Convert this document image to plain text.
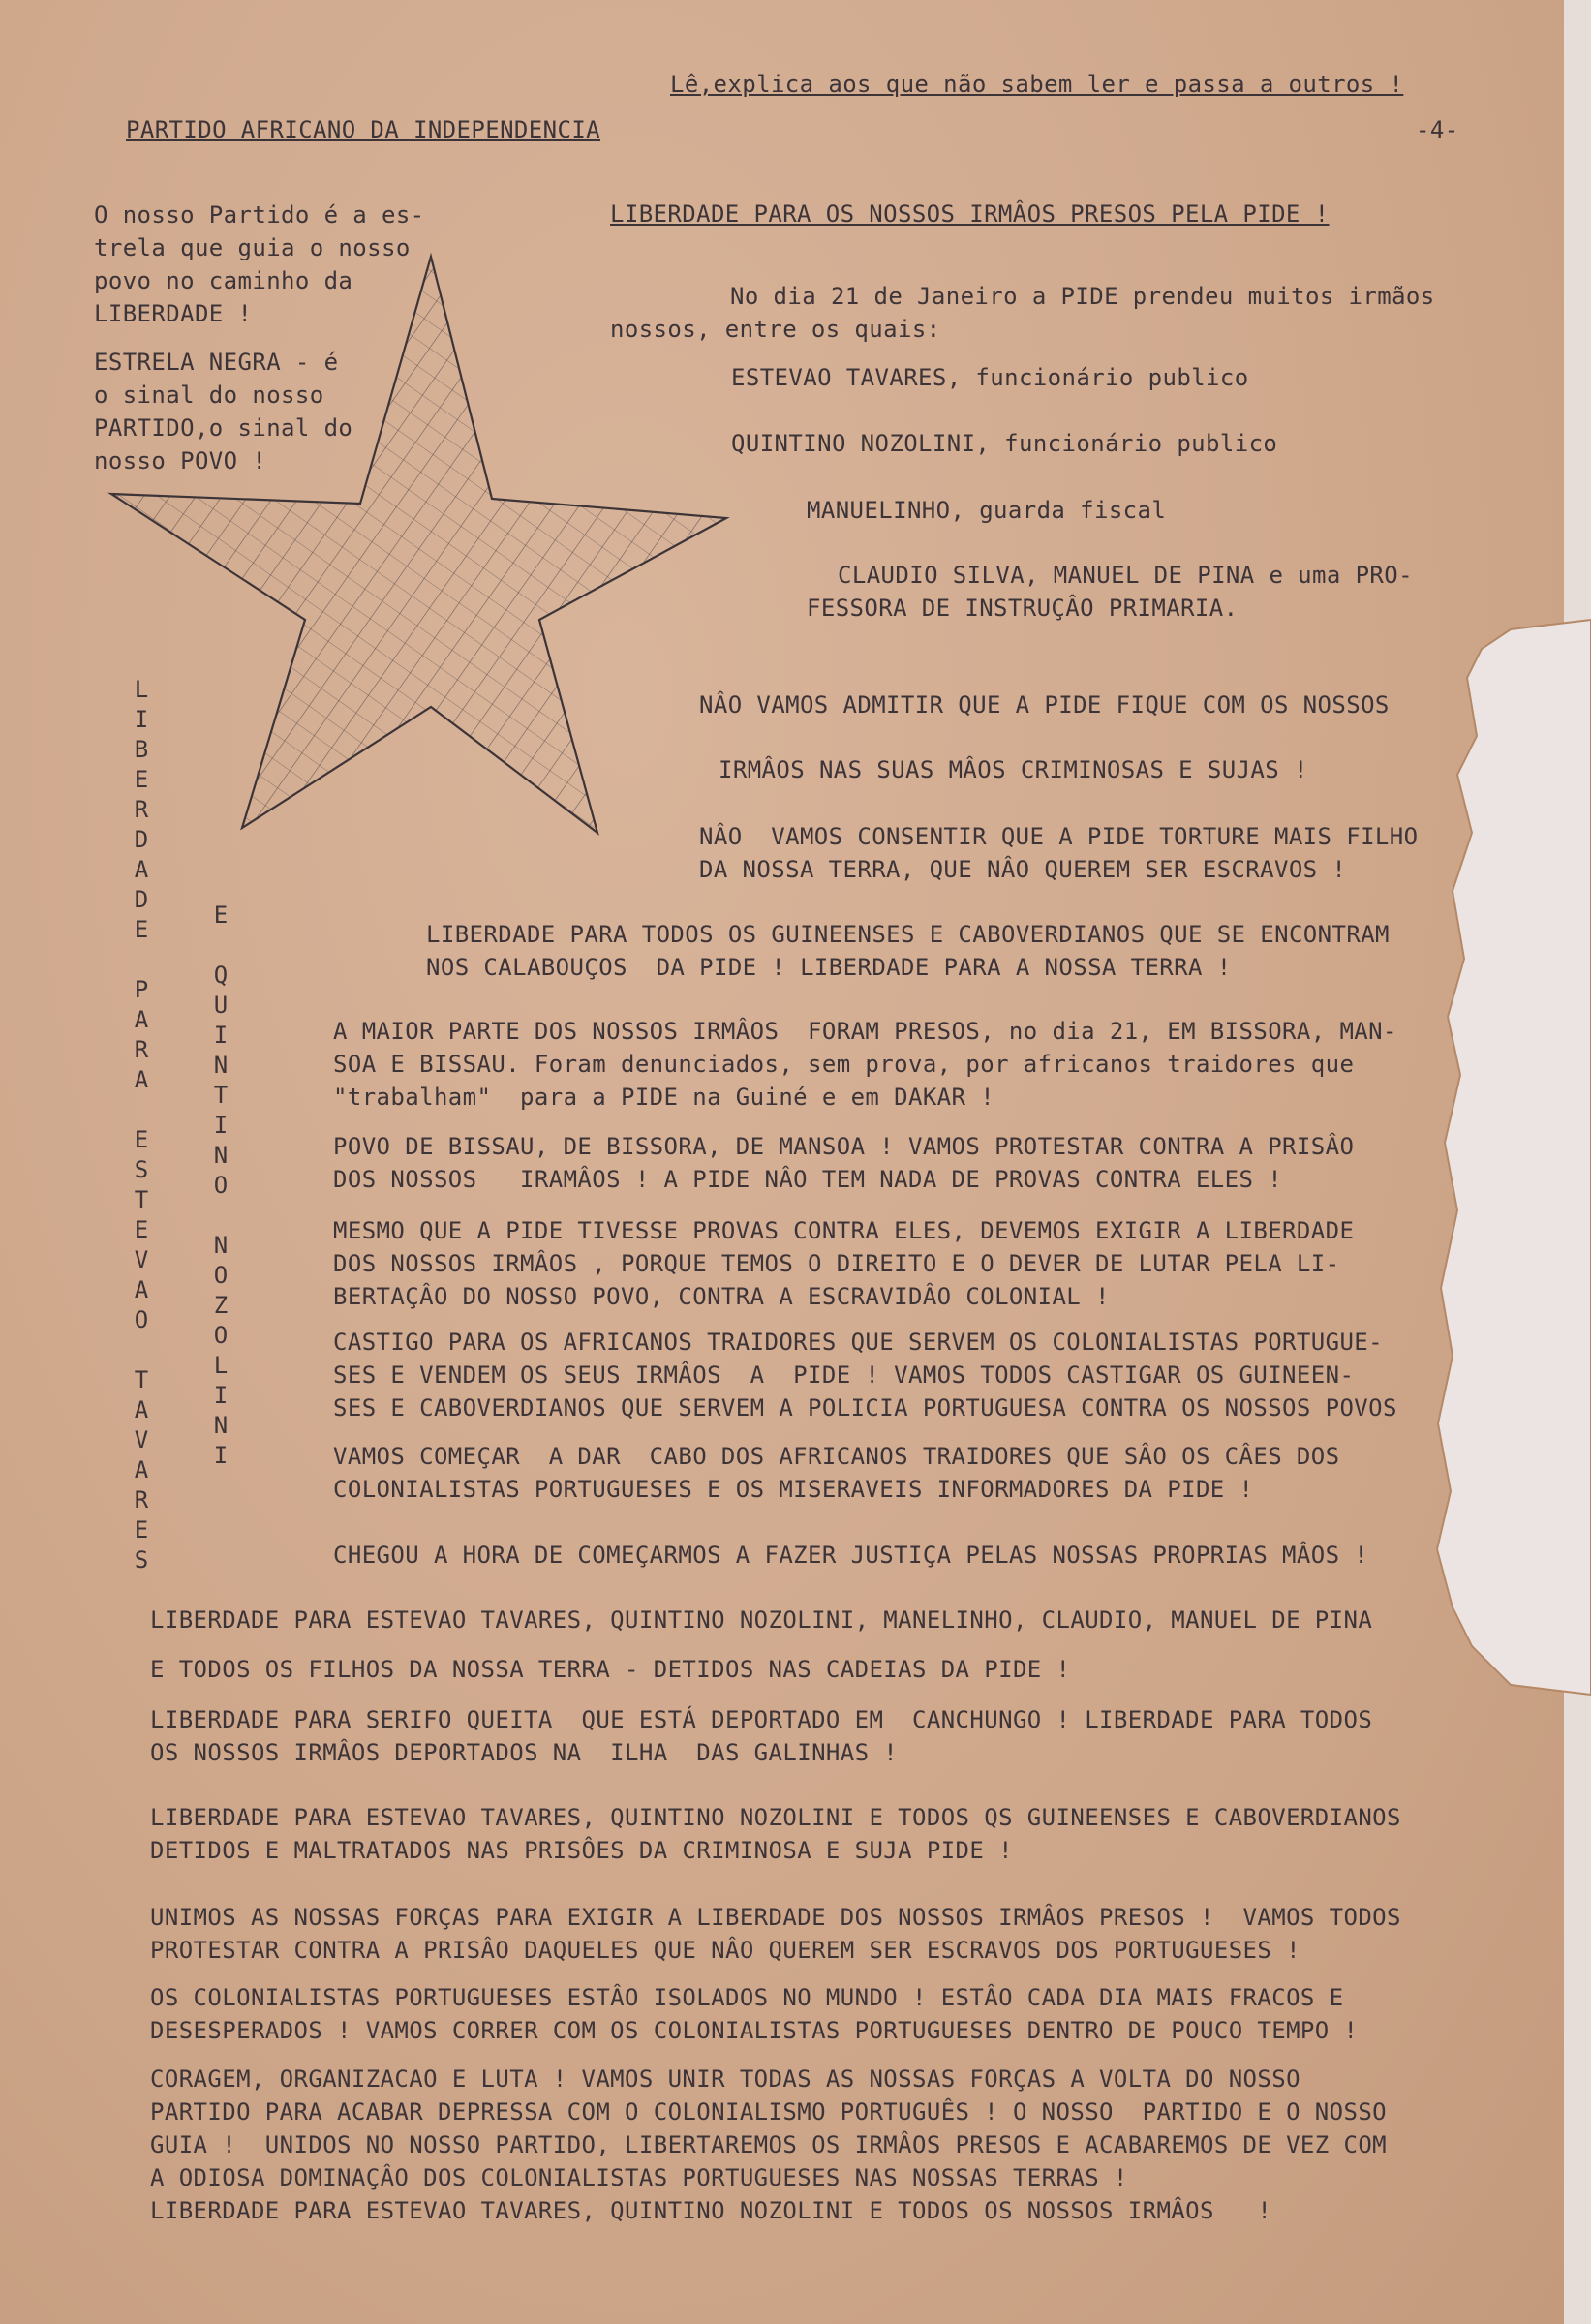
Lê,explica aos que não sabem ler e passa a outros !
PARTIDO AFRICANO DA INDEPENDENCIA	-4-
O nosso Partido é a es-
trela que guia o nosso
povo no caminho da
LIBERDADE !
ESTRELA NEGRA - é
o sinal do nosso
PARTIDO,o sinal do
nosso POVO !
L
I
B
E
R
D
A
D
E

P
A
R
A

E
S
T
E
V
A
O

T
A
V
A
R
E
S
E

Q
U
I
N
T
I
N
O

N
O
Z
O
L
I
N
I
LIBERDADE PARA OS NOSSOS IRMÂOS PRESOS PELA PIDE !
No dia 21 de Janeiro a PIDE prendeu muitos irmãos
nossos, entre os quais:
ESTEVAO TAVARES, funcionário publico
QUINTINO NOZOLINI, funcionário publico
MANUELINHO, guarda fiscal
CLAUDIO SILVA, MANUEL DE PINA e uma PRO-
FESSORA DE INSTRUÇÂO PRIMARIA.
NÂO VAMOS ADMITIR QUE A PIDE FIQUE COM OS NOSSOS
IRMÂOS NAS SUAS MÂOS CRIMINOSAS E SUJAS !
NÂO  VAMOS CONSENTIR QUE A PIDE TORTURE MAIS FILHO
DA NOSSA TERRA, QUE NÂO QUEREM SER ESCRAVOS !
LIBERDADE PARA TODOS OS GUINEENSES E CABOVERDIANOS QUE SE ENCONTRAM
NOS CALABOUÇOS  DA PIDE ! LIBERDADE PARA A NOSSA TERRA !
A MAIOR PARTE DOS NOSSOS IRMÂOS  FORAM PRESOS, no dia 21, EM BISSORA, MAN-
SOA E BISSAU. Foram denunciados, sem prova, por africanos traidores que
"trabalham"  para a PIDE na Guiné e em DAKAR !
POVO DE BISSAU, DE BISSORA, DE MANSOA ! VAMOS PROTESTAR CONTRA A PRISÂO
DOS NOSSOS   IRAMÂOS ! A PIDE NÂO TEM NADA DE PROVAS CONTRA ELES !
MESMO QUE A PIDE TIVESSE PROVAS CONTRA ELES, DEVEMOS EXIGIR A LIBERDADE
DOS NOSSOS IRMÂOS , PORQUE TEMOS O DIREITO E O DEVER DE LUTAR PELA LI-
BERTAÇÂO DO NOSSO POVO, CONTRA A ESCRAVIDÂO COLONIAL !
CASTIGO PARA OS AFRICANOS TRAIDORES QUE SERVEM OS COLONIALISTAS PORTUGUE-
SES E VENDEM OS SEUS IRMÂOS  A  PIDE ! VAMOS TODOS CASTIGAR OS GUINEEN-
SES E CABOVERDIANOS QUE SERVEM A POLICIA PORTUGUESA CONTRA OS NOSSOS POVOS
VAMOS COMEÇAR  A DAR  CABO DOS AFRICANOS TRAIDORES QUE SÂO OS CÂES DOS
COLONIALISTAS PORTUGUESES E OS MISERAVEIS INFORMADORES DA PIDE !
CHEGOU A HORA DE COMEÇARMOS A FAZER JUSTIÇA PELAS NOSSAS PROPRIAS MÂOS !
LIBERDADE PARA ESTEVAO TAVARES, QUINTINO NOZOLINI, MANELINHO, CLAUDIO, MANUEL DE PINA
E TODOS OS FILHOS DA NOSSA TERRA - DETIDOS NAS CADEIAS DA PIDE !
LIBERDADE PARA SERIFO QUEITA  QUE ESTÁ DEPORTADO EM  CANCHUNGO ! LIBERDADE PARA TODOS
OS NOSSOS IRMÂOS DEPORTADOS NA  ILHA  DAS GALINHAS !
LIBERDADE PARA ESTEVAO TAVARES, QUINTINO NOZOLINI E TODOS QS GUINEENSES E CABOVERDIANOS
DETIDOS E MALTRATADOS NAS PRISÔES DA CRIMINOSA E SUJA PIDE !
UNIMOS AS NOSSAS FORÇAS PARA EXIGIR A LIBERDADE DOS NOSSOS IRMÂOS PRESOS !  VAMOS TODOS
PROTESTAR CONTRA A PRISÂO DAQUELES QUE NÂO QUEREM SER ESCRAVOS DOS PORTUGUESES !
OS COLONIALISTAS PORTUGUESES ESTÂO ISOLADOS NO MUNDO ! ESTÂO CADA DIA MAIS FRACOS E
DESESPERADOS ! VAMOS CORRER COM OS COLONIALISTAS PORTUGUESES DENTRO DE POUCO TEMPO !
CORAGEM, ORGANIZACAO E LUTA ! VAMOS UNIR TODAS AS NOSSAS FORÇAS A VOLTA DO NOSSO
PARTIDO PARA ACABAR DEPRESSA COM O COLONIALISMO PORTUGUÊS ! O NOSSO  PARTIDO E O NOSSO
GUIA !  UNIDOS NO NOSSO PARTIDO, LIBERTAREMOS OS IRMÂOS PRESOS E ACABAREMOS DE VEZ COM
A ODIOSA DOMINAÇÂO DOS COLONIALISTAS PORTUGUESES NAS NOSSAS TERRAS !
LIBERDADE PARA ESTEVAO TAVARES, QUINTINO NOZOLINI E TODOS OS NOSSOS IRMÂOS   !
